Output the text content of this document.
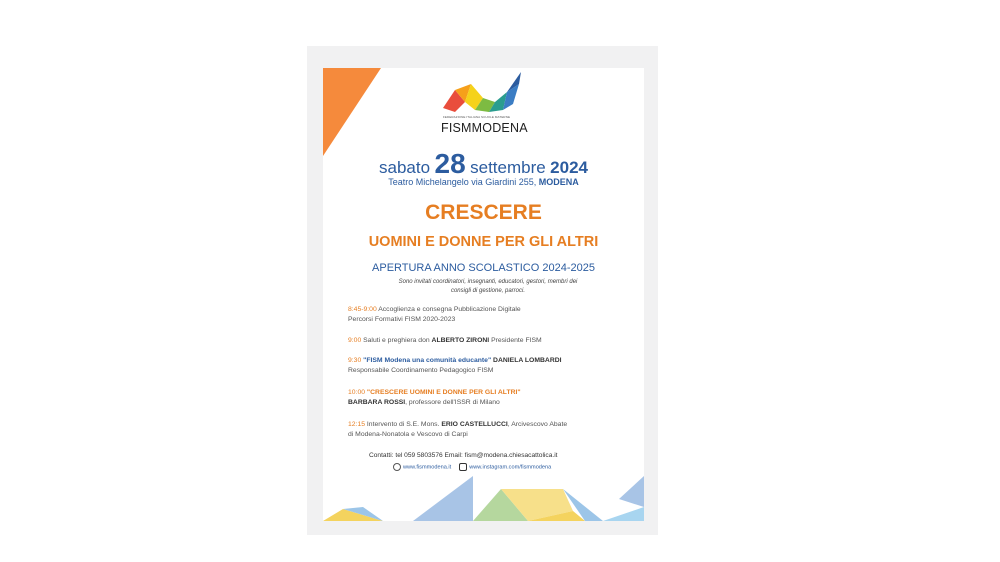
FEDERAZIONE ITALIANA SCUOLE MATERNE
FISMMODENA
sabato 28 settembre 2024
Teatro Michelangelo via Giardini 255, MODENA
CRESCERE
UOMINI E DONNE PER GLI ALTRI
APERTURA ANNO SCOLASTICO 2024-2025
Sono invitati coordinatori, insegnanti, educatori, gestori, membri dei
consigli di gestione, parroci.
8:45-9:00 Accoglienza e consegna Pubblicazione Digitale
Percorsi Formativi FISM 2020-2023
9:00 Saluti e preghiera don ALBERTO ZIRONI Presidente FISM
9:30 "FISM Modena una comunità educante" DANIELA LOMBARDI
Responsabile Coordinamento Pedagogico FISM
10:00 "CRESCERE UOMINI E DONNE PER GLI ALTRI"
BARBARA ROSSI, professore dell'ISSR di Milano
12:15 Intervento di S.E. Mons. ERIO CASTELLUCCI, Arcivescovo Abate
di Modena-Nonatola e Vescovo di Carpi
Contatti: tel 059 5803576 Email: fism@modena.chiesacattolica.it
www.fismmodena.it	www.instagram.com/fismmodena
